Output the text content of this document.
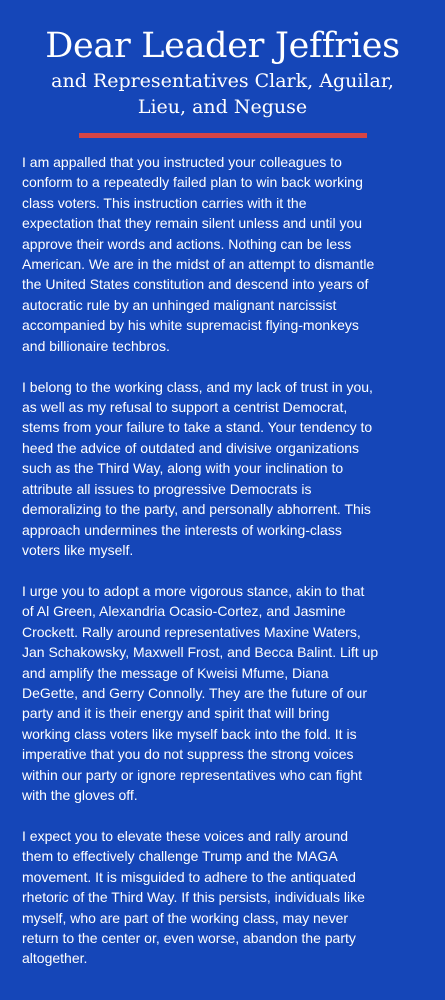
Dear Leader Jeffries
and Representatives Clark, Aguilar,
Lieu, and Neguse
I am appalled that you instructed your colleagues to
conform to a repeatedly failed plan to win back working
class voters. This instruction carries with it the
expectation that they remain silent unless and until you
approve their words and actions. Nothing can be less
American. We are in the midst of an attempt to dismantle
the United States constitution and descend into years of
autocratic rule by an unhinged malignant narcissist
accompanied by his white supremacist flying-monkeys
and billionaire techbros.
I belong to the working class, and my lack of trust in you,
as well as my refusal to support a centrist Democrat,
stems from your failure to take a stand. Your tendency to
heed the advice of outdated and divisive organizations
such as the Third Way, along with your inclination to
attribute all issues to progressive Democrats is
demoralizing to the party, and personally abhorrent. This
approach undermines the interests of working-class
voters like myself.
I urge you to adopt a more vigorous stance, akin to that
of Al Green, Alexandria Ocasio-Cortez, and Jasmine
Crockett. Rally around representatives Maxine Waters,
Jan Schakowsky, Maxwell Frost, and Becca Balint. Lift up
and amplify the message of Kweisi Mfume, Diana
DeGette, and Gerry Connolly. They are the future of our
party and it is their energy and spirit that will bring
working class voters like myself back into the fold. It is
imperative that you do not suppress the strong voices
within our party or ignore representatives who can fight
with the gloves off.
I expect you to elevate these voices and rally around
them to effectively challenge Trump and the MAGA
movement. It is misguided to adhere to the antiquated
rhetoric of the Third Way. If this persists, individuals like
myself, who are part of the working class, may never
return to the center or, even worse, abandon the party
altogether.
